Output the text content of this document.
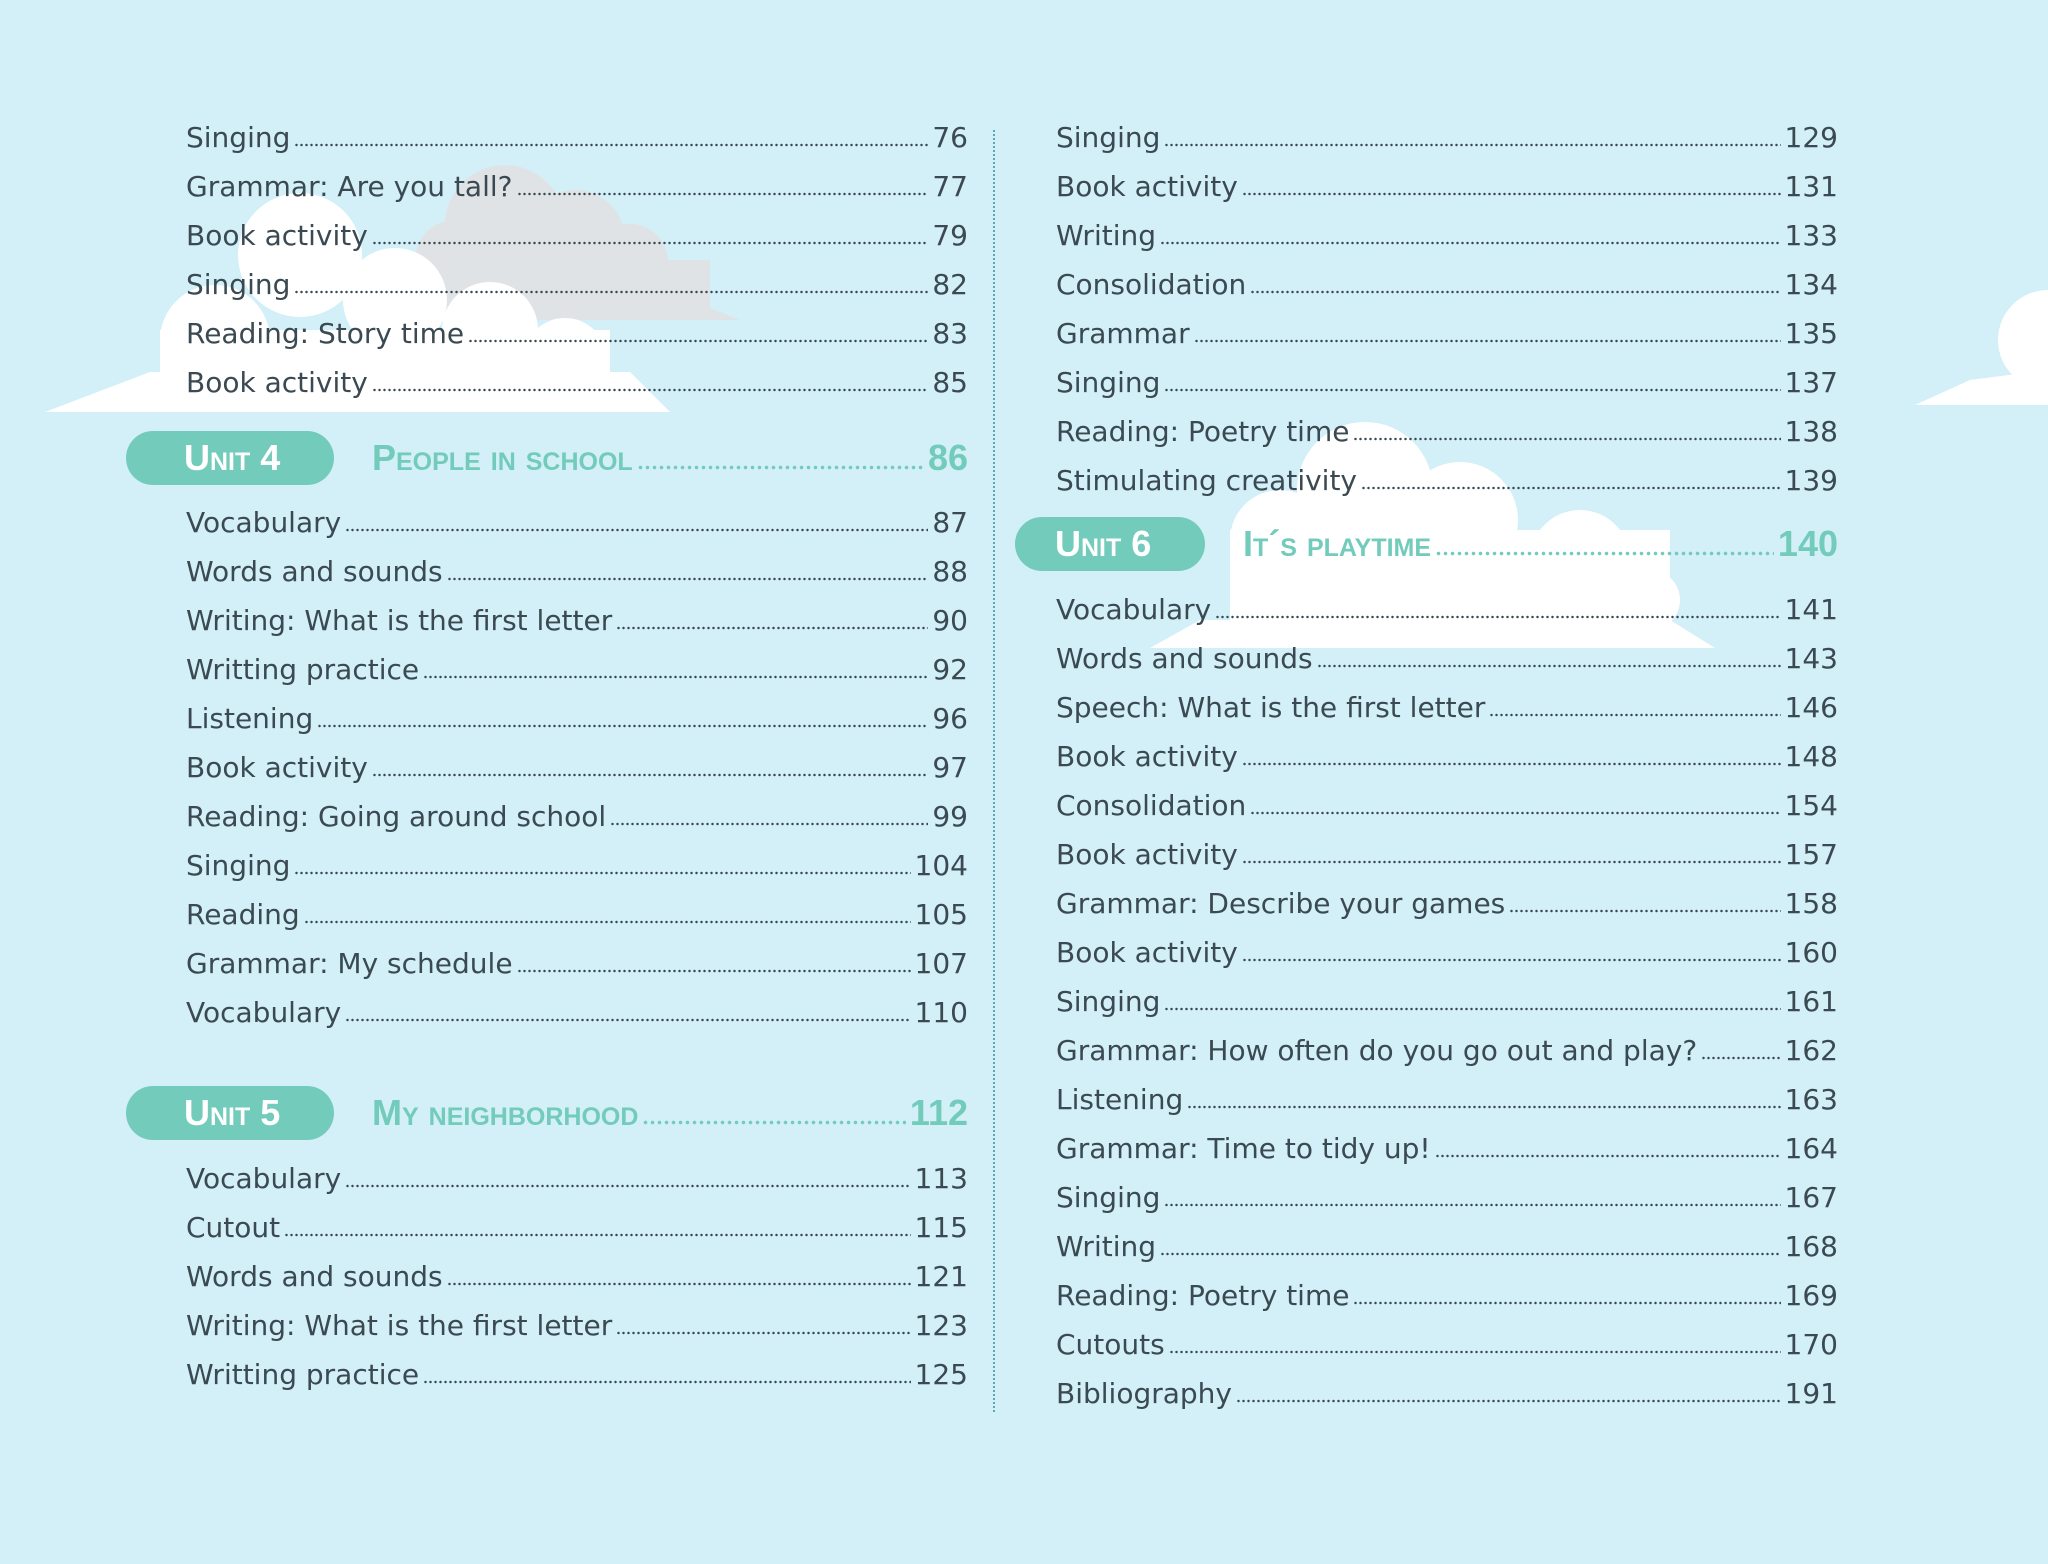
Singing	76
Grammar: Are you tall?	77
Book activity	79
Singing	82
Reading: Story time	83
Book activity	85
Unit 4	People in school	86
Vocabulary	87
Words and sounds	88
Writing: What is the first letter	90
Writting practice	92
Listening	96
Book activity	97
Reading: Going around school	99
Singing	104
Reading	105
Grammar: My schedule	107
Vocabulary	110
Unit 5	My neighborhood	112
Vocabulary	113
Cutout	115
Words and sounds	121
Writing: What is the first letter	123
Writting practice	125
Singing	129
Book activity	131
Writing	133
Consolidation	134
Grammar	135
Singing	137
Reading: Poetry time	138
Stimulating creativity	139
Unit 6	It´s playtime	140
Vocabulary	141
Words and sounds	143
Speech: What is the first letter	146
Book activity	148
Consolidation	154
Book activity	157
Grammar: Describe your games	158
Book activity	160
Singing	161
Grammar: How often do you go out and play?	162
Listening	163
Grammar: Time to tidy up!	164
Singing	167
Writing	168
Reading: Poetry time	169
Cutouts	170
Bibliography	191
